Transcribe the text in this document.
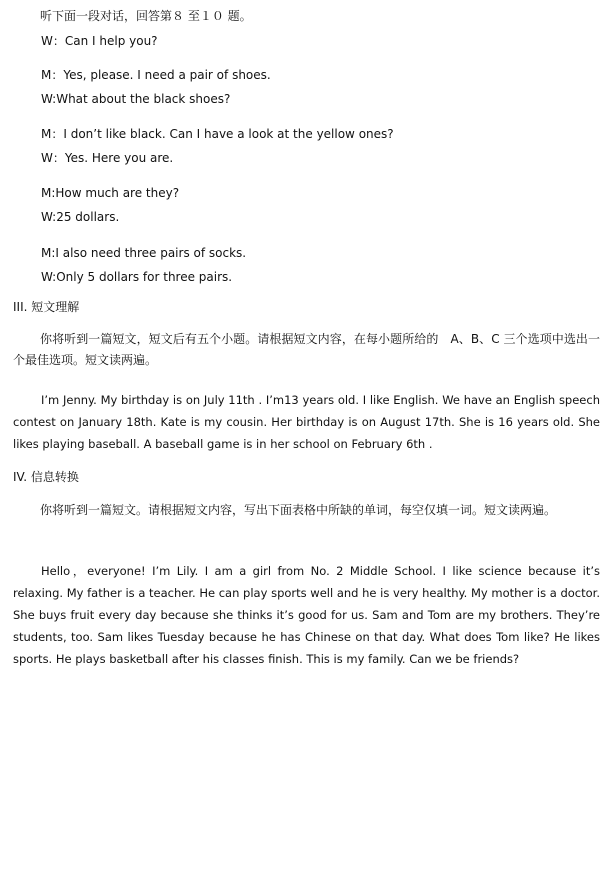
听下面一段对话，回答第８ 至１０ 题。
W：Can I help you?
M：Yes, please. I need a pair of shoes.
W:What about the black shoes?
M：I don’t like black. Can I have a look at the yellow ones?
W：Yes. Here you are.
M:How much are they?
W:25 dollars.
M:I also need three pairs of socks.
W:Only 5 dollars for three pairs.
III. 短文理解
你将听到一篇短文，短文后有五个小题。请根据短文内容，在每小题所给的　A、B、C 三个选项中选出一个最佳选项。短文读两遍。
I’m Jenny. My birthday is on July 11th . I’m13 years old. I like English. We have an English speech contest on January 18th. Kate is my cousin. Her birthday is on August 17th. She is 16 years old. She likes playing baseball. A baseball game is in her school on February 6th .
IV. 信息转换
你将听到一篇短文。请根据短文内容，写出下面表格中所缺的单词，每空仅填一词。短文读两遍。
Hello，everyone! I’m Lily. I am a girl from No. 2 Middle School. I like science because it’s relaxing. My father is a teacher. He can play sports well and he is very healthy. My mother is a doctor. She buys fruit every day because she thinks it’s good for us. Sam and Tom are my brothers. They’re students, too. Sam likes Tuesday because he has Chinese on that day. What does Tom like? He likes sports. He plays basketball after his classes finish. This is my family. Can we be friends?
